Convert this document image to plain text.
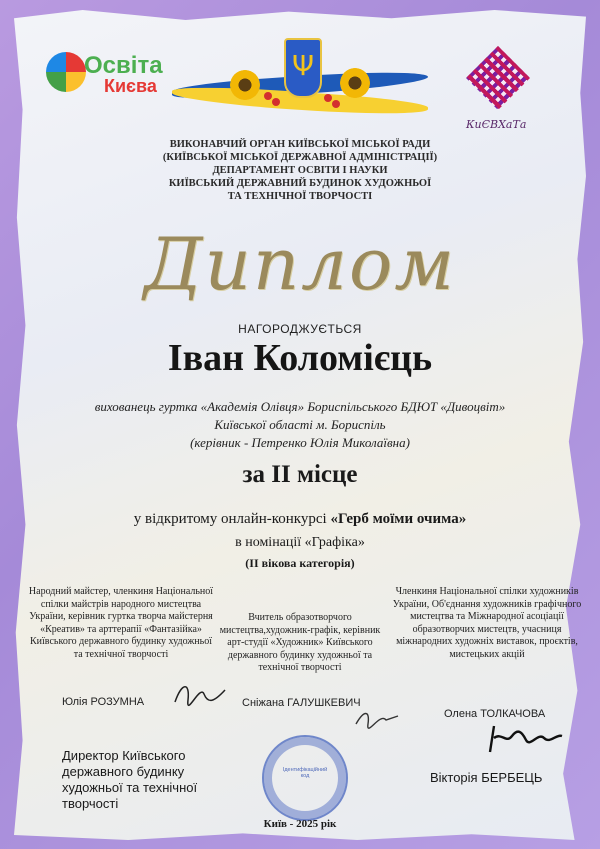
Освіта
Києва
Ψ
КиЄВХаТа
ВИКОНАВЧИЙ ОРГАН КИЇВСЬКОЇ МІСЬКОЇ РАДИ
(КИЇВСЬКОЇ МІСЬКОЇ ДЕРЖАВНОЇ АДМІНІСТРАЦІЇ)
ДЕПАРТАМЕНТ ОСВІТИ І НАУКИ
КИЇВСЬКИЙ ДЕРЖАВНИЙ БУДИНОК ХУДОЖНЬОЇ
ТА ТЕХНІЧНОЇ ТВОРЧОСТІ
Диплом
НАГОРОДЖУЄТЬСЯ
Іван Коломієць
вихованець гуртка «Академія Олівця» Бориспільського БДЮТ «Дивоцвіт»
Київської області м. Бориспіль
(керівник - Петренко Юлія Миколаївна)
за ІІ місце
у відкритому онлайн-конкурсі «Герб моїми очима»
в номінації «Графіка»
(ІІ вікова категорія)
Народний майстер, членкиня Національної спілки майстрів народного мистецтва України, керівник гуртка творча майстерня «Креатив» та арттерапії «Фантазійка» Київського державного будинку художньої та технічної творчості
Вчитель образотворчого мистецтва,художник-графік, керівник арт-студії «Художник» Київського державного будинку художньої та технічної творчості
Членкиня Національної спілки художників України, Об'єднання художників графічного мистецтва та Міжнародної асоціації образотворчих мистецтв, учасниця міжнародних художніх виставок, проєктів, мистецьких акцій
Юлія РОЗУМНА	Сніжана ГАЛУШКЕВИЧ
Олена ТОЛКАЧОВА
Директор Київського державного будинку художньої та технічної творчості
Ідентифікаційний код	Вікторія БЕРБЕЦЬ
Київ - 2025 рік
